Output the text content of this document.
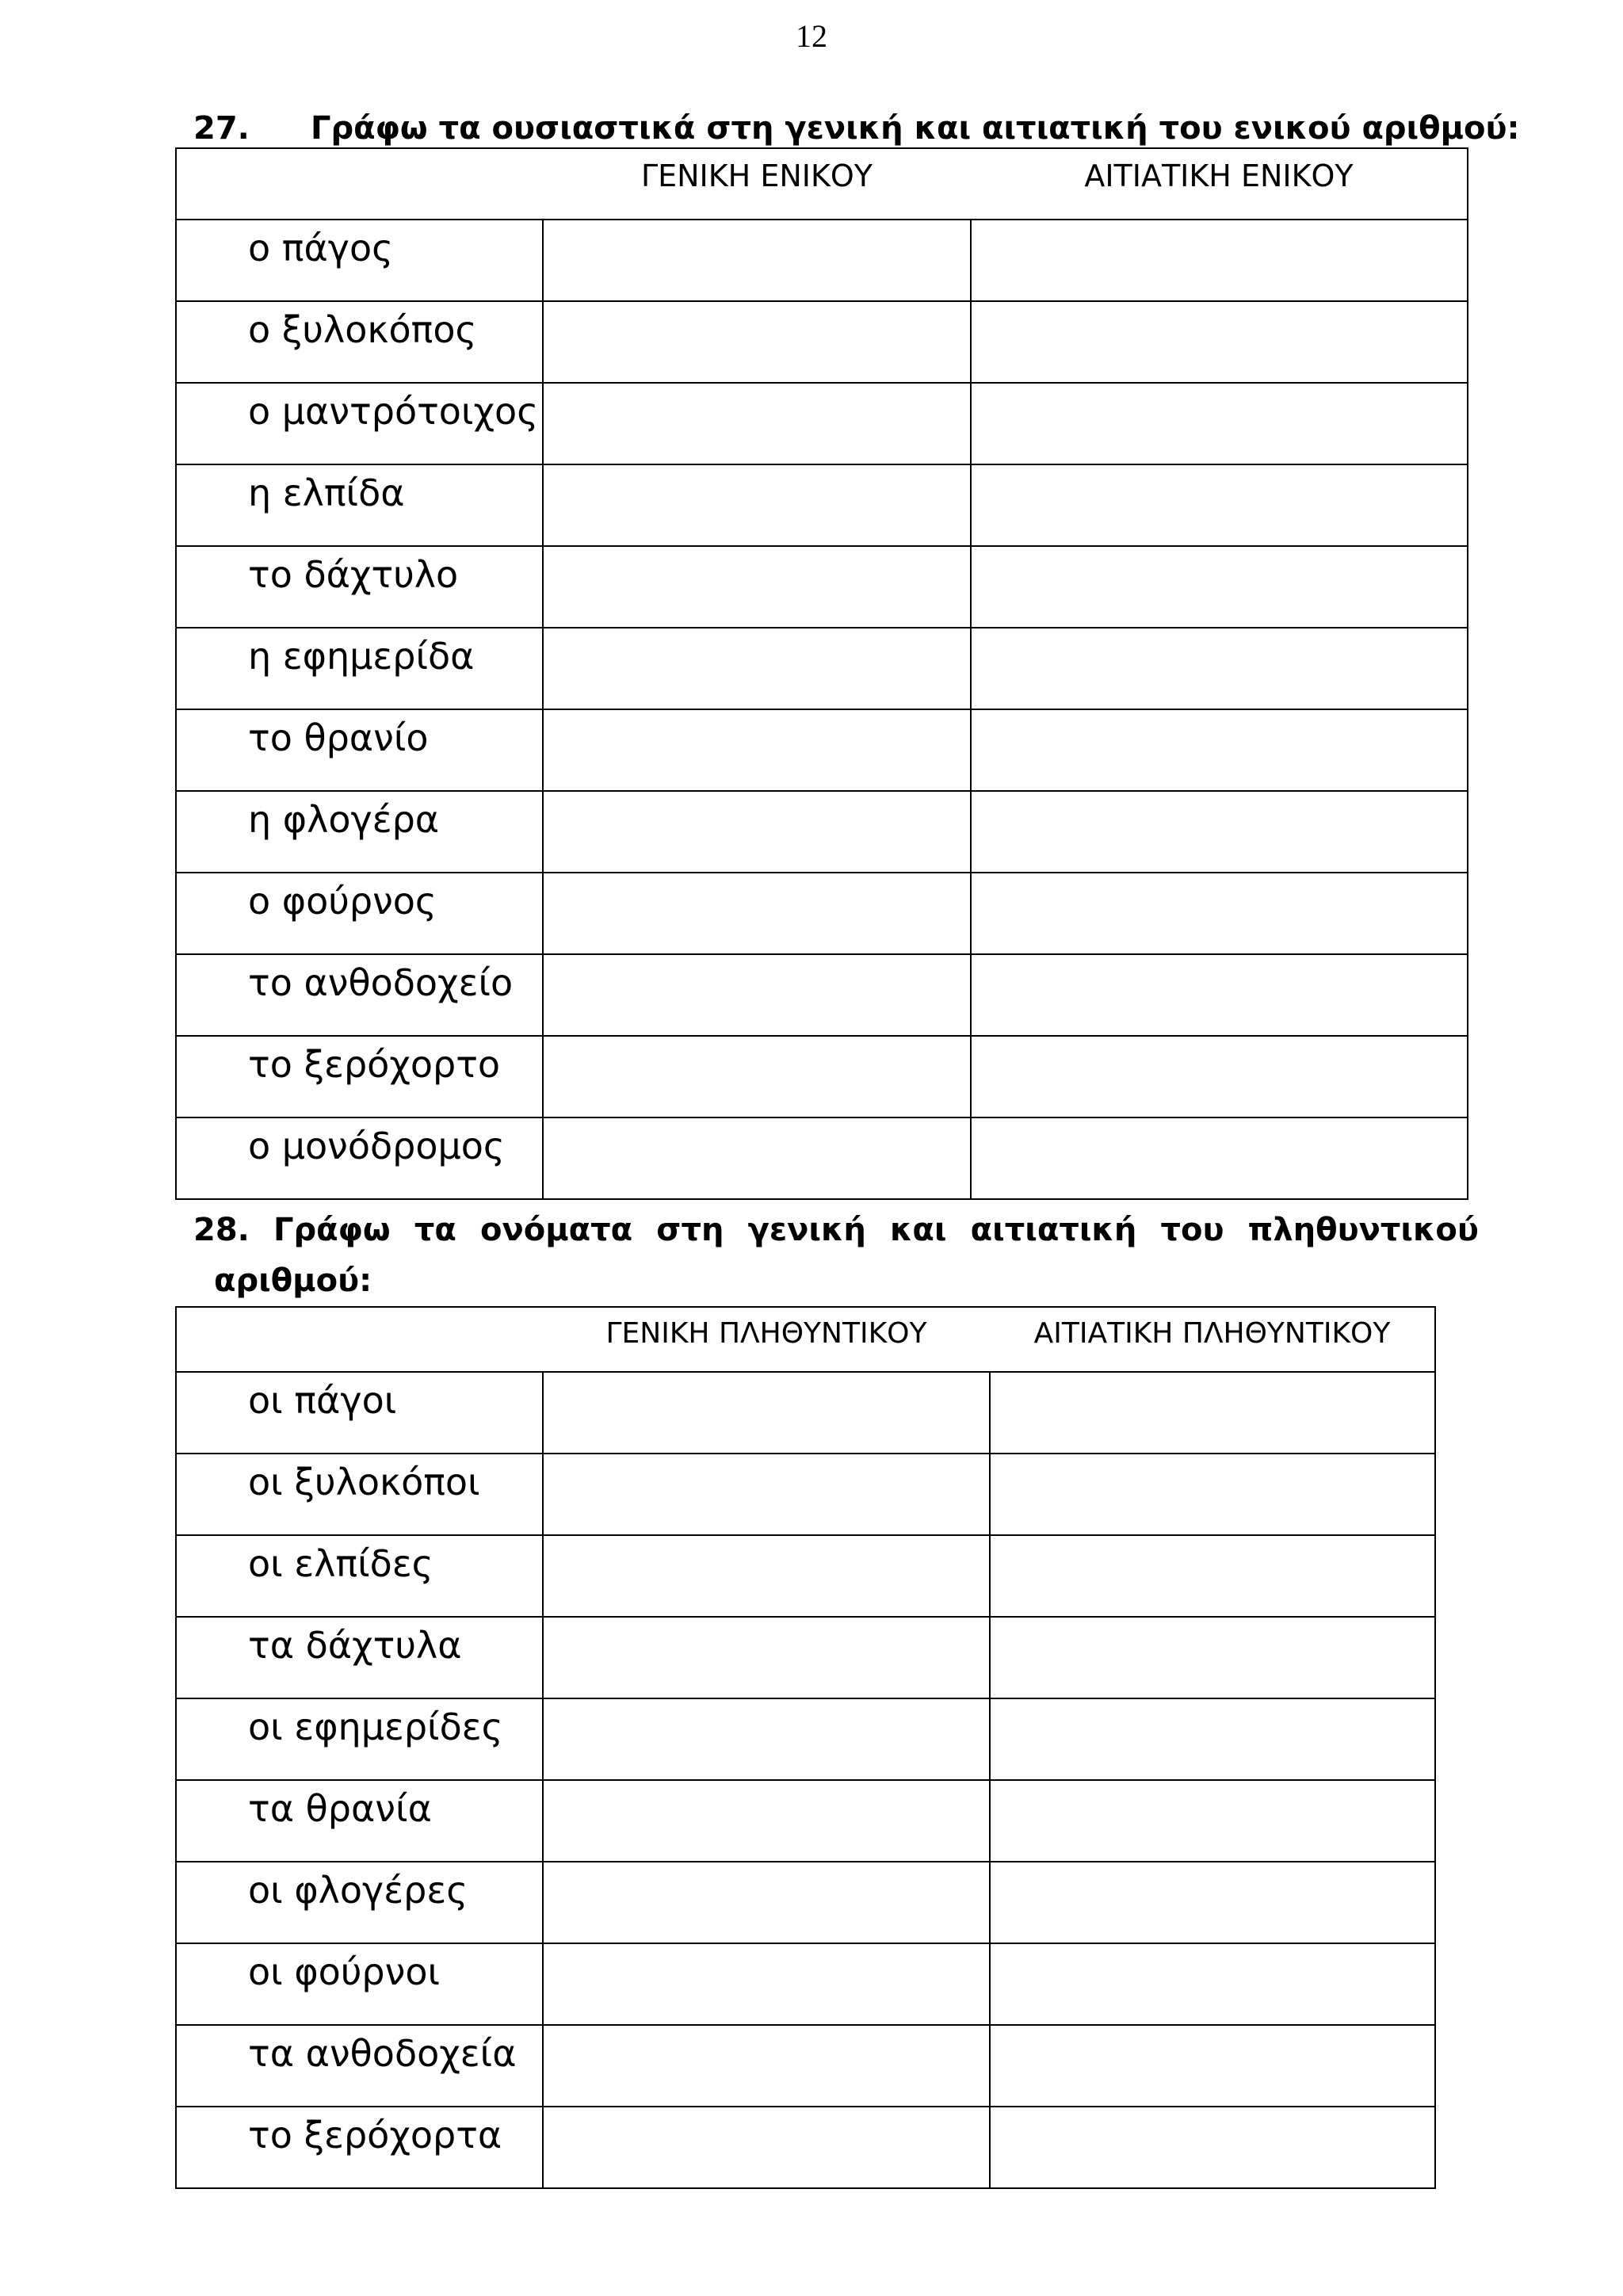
12
27. Γράφω τα ουσιαστικά στη γενική και αιτιατική του ενικού αριθμού:
	ΓΕΝΙΚΗ ΕΝΙΚΟΥ	ΑΙΤΙΑΤΙΚΗ ΕΝΙΚΟΥ
ο πάγος		
ο ξυλοκόπος		
ο μαντρότοιχος		
η ελπίδα		
το δάχτυλο		
η εφημερίδα		
το θρανίο		
η φλογέρα		
ο φούρνος		
το ανθοδοχείο		
το ξερόχορτο		
ο μονόδρομος		
28. Γράφω τα ονόματα στη γενική και αιτιατική του πληθυντικού
αριθμού:
	ΓΕΝΙΚΗ ΠΛΗΘΥΝΤΙΚΟΥ	ΑΙΤΙΑΤΙΚΗ ΠΛΗΘΥΝΤΙΚΟΥ
οι πάγοι		
οι ξυλοκόποι		
οι ελπίδες		
τα δάχτυλα		
οι εφημερίδες		
τα θρανία		
οι φλογέρες		
οι φούρνοι		
τα ανθοδοχεία		
το ξερόχορτα		
